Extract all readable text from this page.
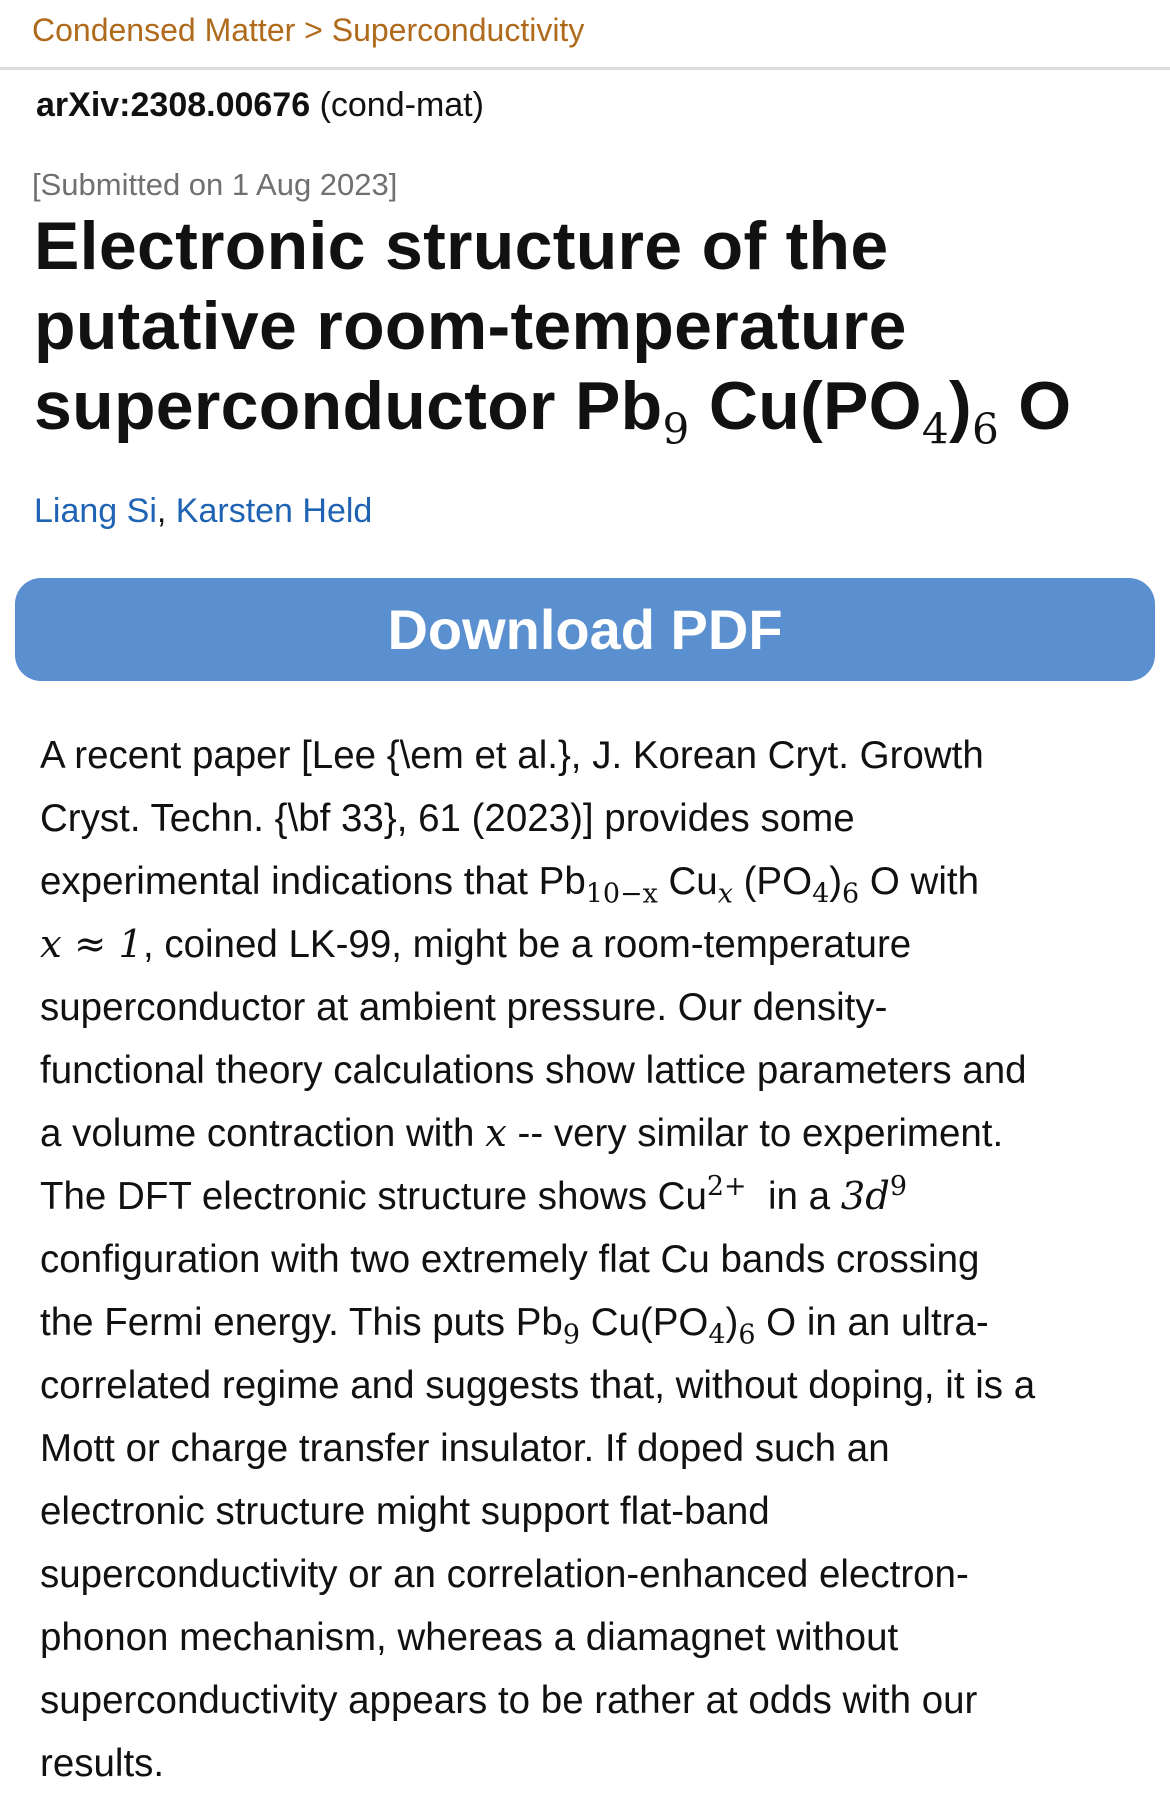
Condensed Matter > Superconductivity
arXiv:2308.00676 (cond-mat)
[Submitted on 1 Aug 2023]
Electronic structure of the
putative room-temperature
superconductor $Pb_9$ $Cu(PO_4)_6$ O
Liang Si, Karsten Held
Download PDF
A recent paper [Lee {\em et al.}, J. Korean Cryt. Growth
Cryst. Techn. {\bf 33}, 61 (2023)] provides some
experimental indications that $Pb_{10-x}$ $Cu_x$ $(PO_4)_6$ O with
x ≈ 1, coined LK-99, might be a room-temperature
superconductor at ambient pressure. Our density-
functional theory calculations show lattice parameters and
a volume contraction with x -- very similar to experiment.
The DFT electronic structure shows $Cu^{2+}$  in a $3d^9$
configuration with two extremely flat Cu bands crossing
the Fermi energy. This puts $Pb_9$ $Cu(PO_4)_6$ O in an ultra-
correlated regime and suggests that, without doping, it is a
Mott or charge transfer insulator. If doped such an
electronic structure might support flat-band
superconductivity or an correlation-enhanced electron-
phonon mechanism, whereas a diamagnet without
superconductivity appears to be rather at odds with our
results.
